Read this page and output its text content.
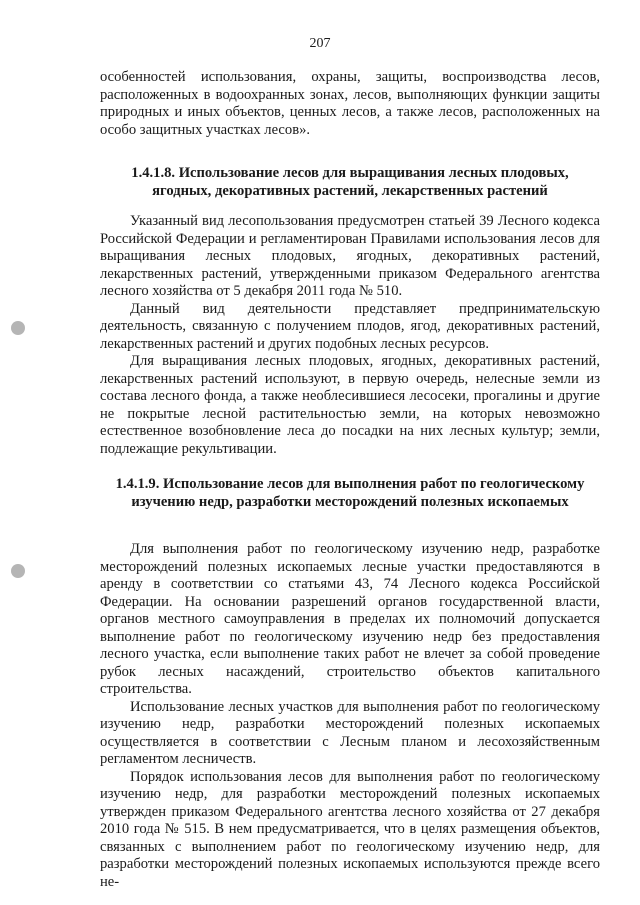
207

особенностей использования, охраны, защиты, воспроизводства лесов, расположенных в водоохранных зонах, лесов, выполняющих функции защиты природных и иных объектов, ценных лесов, а также лесов, расположенных на особо защитных участках лесов».

1.4.1.8. Использование лесов для выращивания лесных плодовых, ягодных, декоративных растений, лекарственных растений

Указанный вид лесопользования предусмотрен статьей 39 Лесного кодекса Российской Федерации и регламентирован Правилами использования лесов для выращивания лесных плодовых, ягодных, декоративных растений, лекарственных растений, утвержденными приказом Федерального агентства лесного хозяйства от 5 декабря 2011 года № 510.

Данный вид деятельности представляет предпринимательскую деятельность, связанную с получением плодов, ягод, декоративных растений, лекарственных растений и других подобных лесных ресурсов.

Для выращивания лесных плодовых, ягодных, декоративных растений, лекарственных растений используют, в первую очередь, нелесные земли из состава лесного фонда, а также необлесившиеся лесосеки, прогалины и другие не покрытые лесной растительностью земли, на которых невозможно естественное возобновление леса до посадки на них лесных культур; земли, подлежащие рекультивации.

1.4.1.9. Использование лесов для выполнения работ по геологическому изучению недр, разработки месторождений полезных ископаемых

Для выполнения работ по геологическому изучению недр, разработке месторождений полезных ископаемых лесные участки предоставляются в аренду в соответствии со статьями 43, 74 Лесного кодекса Российской Федерации. На основании разрешений органов государственной власти, органов местного самоуправления в пределах их полномочий допускается выполнение работ по геологическому изучению недр без предоставления лесного участка, если выполнение таких работ не влечет за собой проведение рубок лесных насаждений, строительство объектов капитального строительства.

Использование лесных участков для выполнения работ по геологическому изучению недр, разработки месторождений полезных ископаемых осуществляется в соответствии с Лесным планом и лесохозяйственным регламентом лесничеств.

Порядок использования лесов для выполнения работ по геологическому изучению недр, для разработки месторождений полезных ископаемых утвержден приказом Федерального агентства лесного хозяйства от 27 декабря 2010 года № 515. В нем предусматривается, что в целях размещения объектов, связанных с выполнением работ по геологическому изучению недр, для разработки месторождений полезных ископаемых используются прежде всего не-
